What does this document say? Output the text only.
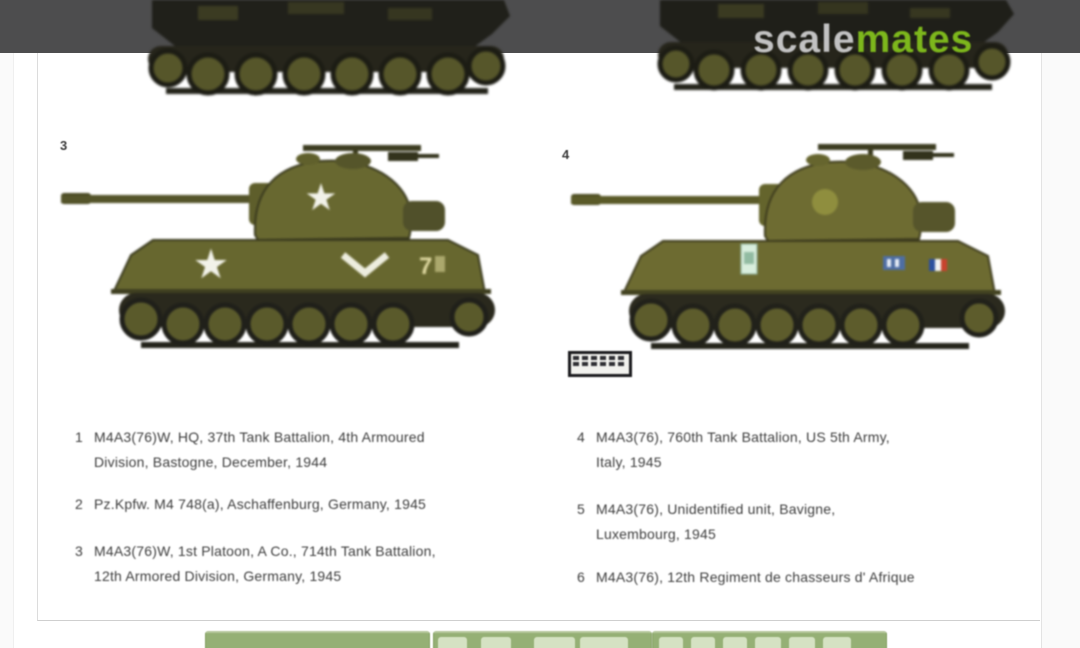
scalemates
3
4
7
1 M4A3(76)W, HQ, 37th Tank Battalion, 4th Armoured
Division, Bastogne, December, 1944
2 Pz.Kpfw. M4 748(a), Aschaffenburg, Germany, 1945
3 M4A3(76)W, 1st Platoon, A Co., 714th Tank Battalion,
12th Armored Division, Germany, 1945
4 M4A3(76), 760th Tank Battalion, US 5th Army,
Italy, 1945
5 M4A3(76), Unidentified unit, Bavigne,
Luxembourg, 1945
6 M4A3(76), 12th Regiment de chasseurs d' Afrique
